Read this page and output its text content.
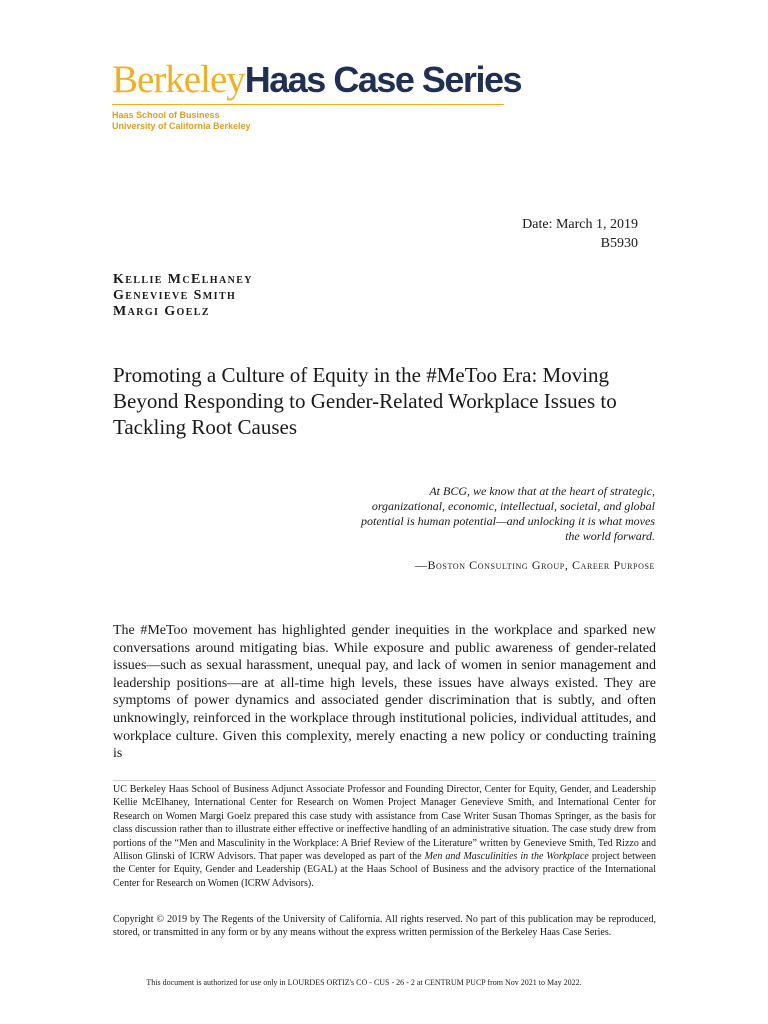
BerkeleyHaas Case Series
Haas School of Business
University of California Berkeley
Date: March 1, 2019
B5930
Kellie McElhaney
Genevieve Smith
Margi Goelz
Promoting a Culture of Equity in the #MeToo Era: Moving Beyond Responding to Gender-Related Workplace Issues to Tackling Root Causes
At BCG, we know that at the heart of strategic, organizational, economic, intellectual, societal, and global potential is human potential—and unlocking it is what moves the world forward.
—Boston Consulting Group, Career Purpose
The #MeToo movement has highlighted gender inequities in the workplace and sparked new conversations around mitigating bias. While exposure and public awareness of gender-related issues—such as sexual harassment, unequal pay, and lack of women in senior management and leadership positions—are at all-time high levels, these issues have always existed. They are symptoms of power dynamics and associated gender discrimination that is subtly, and often unknowingly, reinforced in the workplace through institutional policies, individual attitudes, and workplace culture. Given this complexity, merely enacting a new policy or conducting training is
UC Berkeley Haas School of Business Adjunct Associate Professor and Founding Director, Center for Equity, Gender, and Leadership Kellie McElhaney, International Center for Research on Women Project Manager Genevieve Smith, and International Center for Research on Women Margi Goelz prepared this case study with assistance from Case Writer Susan Thomas Springer, as the basis for class discussion rather than to illustrate either effective or ineffective handling of an administrative situation. The case study drew from portions of the “Men and Masculinity in the Workplace: A Brief Review of the Literature” written by Genevieve Smith, Ted Rizzo and Allison Glinski of ICRW Advisors. That paper was developed as part of the Men and Masculinities in the Workplace project between the Center for Equity, Gender and Leadership (EGAL) at the Haas School of Business and the advisory practice of the International Center for Research on Women (ICRW Advisors).
Copyright © 2019 by The Regents of the University of California. All rights reserved. No part of this publication may be reproduced, stored, or transmitted in any form or by any means without the express written permission of the Berkeley Haas Case Series.
This document is authorized for use only in LOURDES ORTIZ's CO - CUS - 26 - 2 at CENTRUM PUCP from Nov 2021 to May 2022.
